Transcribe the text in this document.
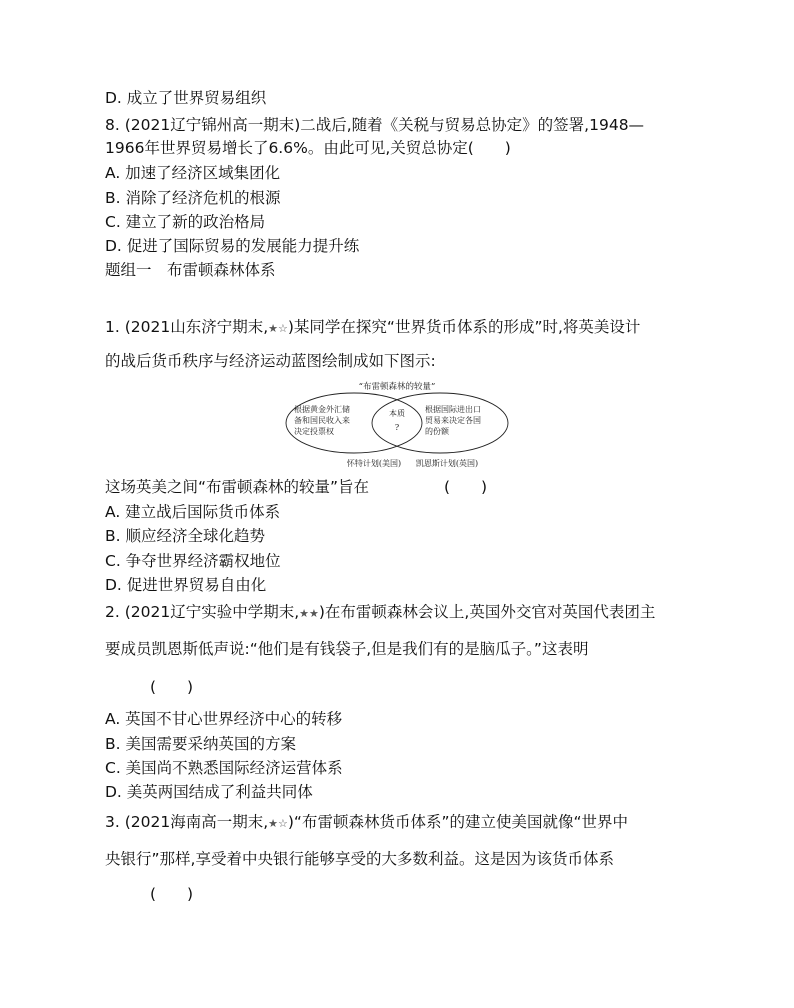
D. 成立了世界贸易组织
8. (2021辽宁锦州高一期末)二战后,随着《关税与贸易总协定》的签署,1948—
1966年世界贸易增长了6.6%。由此可见,关贸总协定(　　)
A. 加速了经济区域集团化
B. 消除了经济危机的根源
C. 建立了新的政治格局
D. 促进了国际贸易的发展能力提升练
题组一　布雷顿森林体系
1. (2021山东济宁期末,★☆)某同学在探究“世界货币体系的形成”时,将英美设计
的战后货币秩序与经济运动蓝图绘制成如下图示:
“布雷顿森林的较量”
根据黄金外汇储
备和国民收入来
决定投票权
本质
?
根据国际进出口
贸易来决定各国
的份额
怀特计划(美国) 凯恩斯计划(英国)
这场英美之间“布雷顿森林的较量”旨在	(　　)
A. 建立战后国际货币体系
B. 顺应经济全球化趋势
C. 争夺世界经济霸权地位
D. 促进世界贸易自由化
2. (2021辽宁实验中学期末,★★)在布雷顿森林会议上,英国外交官对英国代表团主
要成员凯恩斯低声说:“他们是有钱袋子,但是我们有的是脑瓜子。”这表明
(　　)
A. 英国不甘心世界经济中心的转移
B. 美国需要采纳英国的方案
C. 美国尚不熟悉国际经济运营体系
D. 美英两国结成了利益共同体
3. (2021海南高一期末,★☆)“布雷顿森林货币体系”的建立使美国就像“世界中
央银行”那样,享受着中央银行能够享受的大多数利益。这是因为该货币体系
(　　)
